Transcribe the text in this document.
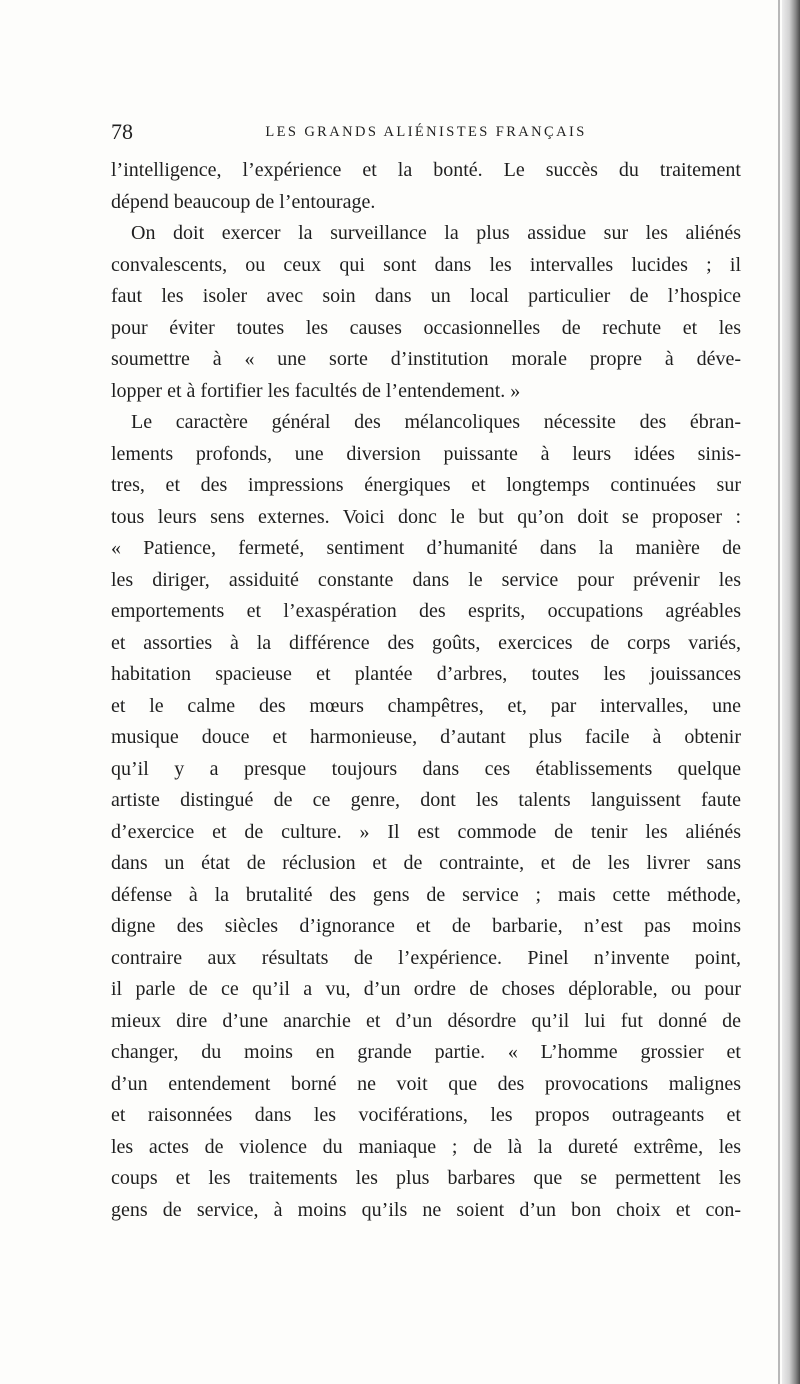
78	LES GRANDS ALIÉNISTES FRANÇAIS
l’intelligence, l’expérience et la bonté. Le succès du traitement
dépend beaucoup de l’entourage.
On doit exercer la surveillance la plus assidue sur les aliénés
convalescents, ou ceux qui sont dans les intervalles lucides ; il
faut les isoler avec soin dans un local particulier de l’hospice
pour éviter toutes les causes occasionnelles de rechute et les
soumettre à « une sorte d’institution morale propre à déve-
lopper et à fortifier les facultés de l’entendement. »
Le caractère général des mélancoliques nécessite des ébran-
lements profonds, une diversion puissante à leurs idées sinis-
tres, et des impressions énergiques et longtemps continuées sur
tous leurs sens externes. Voici donc le but qu’on doit se proposer :
« Patience, fermeté, sentiment d’humanité dans la manière de
les diriger, assiduité constante dans le service pour prévenir les
emportements et l’exaspération des esprits, occupations agréables
et assorties à la différence des goûts, exercices de corps variés,
habitation spacieuse et plantée d’arbres, toutes les jouissances
et le calme des mœurs champêtres, et, par intervalles, une
musique douce et harmonieuse, d’autant plus facile à obtenir
qu’il y a presque toujours dans ces établissements quelque
artiste distingué de ce genre, dont les talents languissent faute
d’exercice et de culture. » Il est commode de tenir les aliénés
dans un état de réclusion et de contrainte, et de les livrer sans
défense à la brutalité des gens de service ; mais cette méthode,
digne des siècles d’ignorance et de barbarie, n’est pas moins
contraire aux résultats de l’expérience. Pinel n’invente point,
il parle de ce qu’il a vu, d’un ordre de choses déplorable, ou pour
mieux dire d’une anarchie et d’un désordre qu’il lui fut donné de
changer, du moins en grande partie. « L’homme grossier et
d’un entendement borné ne voit que des provocations malignes
et raisonnées dans les vociférations, les propos outrageants et
les actes de violence du maniaque ; de là la dureté extrême, les
coups et les traitements les plus barbares que se permettent les
gens de service, à moins qu’ils ne soient d’un bon choix et con-
